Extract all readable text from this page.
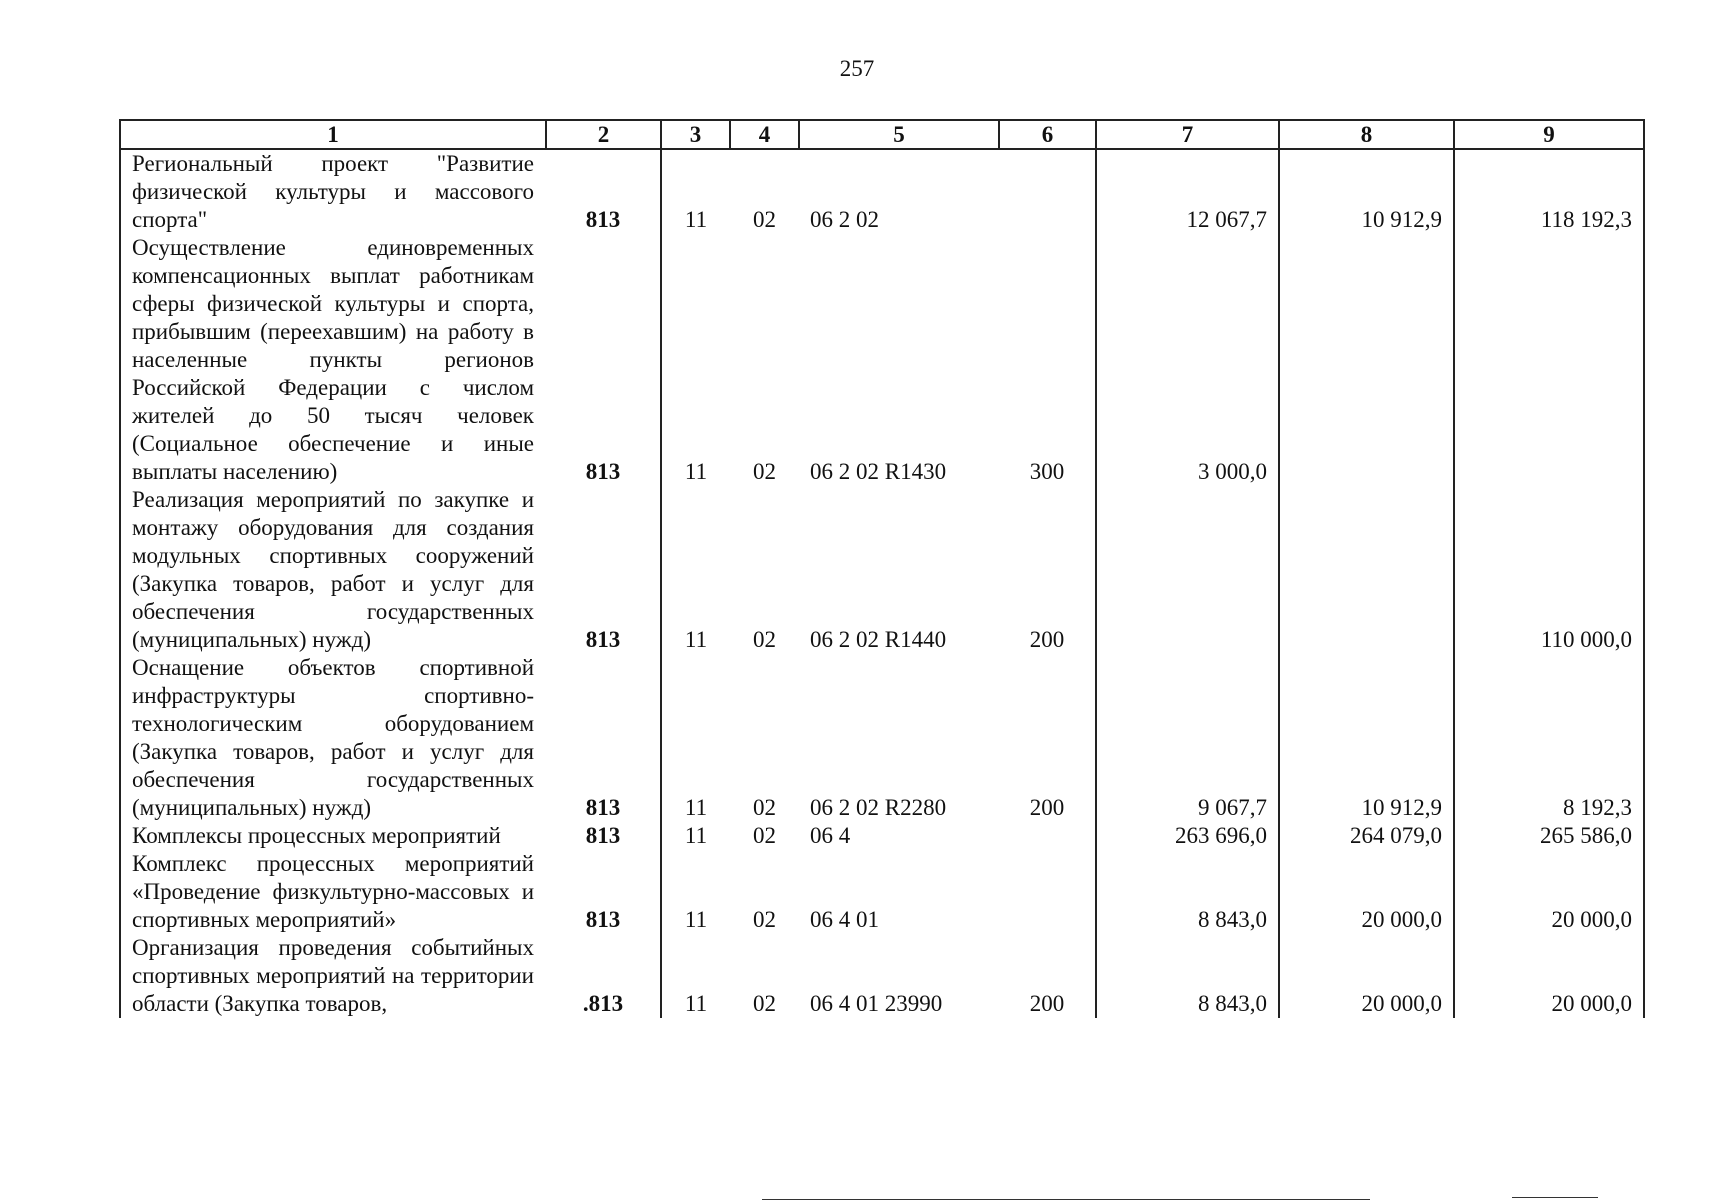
257
1	2	3	4	5	6	7	8	9
Региональный проект "Развитие физической культуры и массового спорта"	813	11	02	06 2 02		12 067,7	10 912,9	118 192,3
Осуществление единовременных компенсационных выплат работникам сферы физической культуры и спорта, прибывшим (переехавшим) на работу в населенные пункты регионов Российской Федерации с числом жителей до 50 тысяч человек (Социальное обеспечение и иные выплаты населению)	813	11	02	06 2 02 R1430	300	3 000,0		
Реализация мероприятий по закупке и монтажу оборудования для создания модульных спортивных сооружений (Закупка товаров, работ и услуг для обеспечения государственных (муниципальных) нужд)	813	11	02	06 2 02 R1440	200			110 000,0
Оснащение объектов спортивной инфраструктуры спортивно-технологическим оборудованием (Закупка товаров, работ и услуг для обеспечения государственных (муниципальных) нужд)	813	11	02	06 2 02 R2280	200	9 067,7	10 912,9	8 192,3
Комплексы процессных мероприятий	813	11	02	06 4		263 696,0	264 079,0	265 586,0
Комплекс процессных мероприятий «Проведение физкультурно-массовых и спортивных мероприятий»	813	11	02	06 4 01		8 843,0	20 000,0	20 000,0
Организация проведения событийных спортивных мероприятий на территории области (Закупка товаров,	.813	11	02	06 4 01 23990	200	8 843,0	20 000,0	20 000,0
